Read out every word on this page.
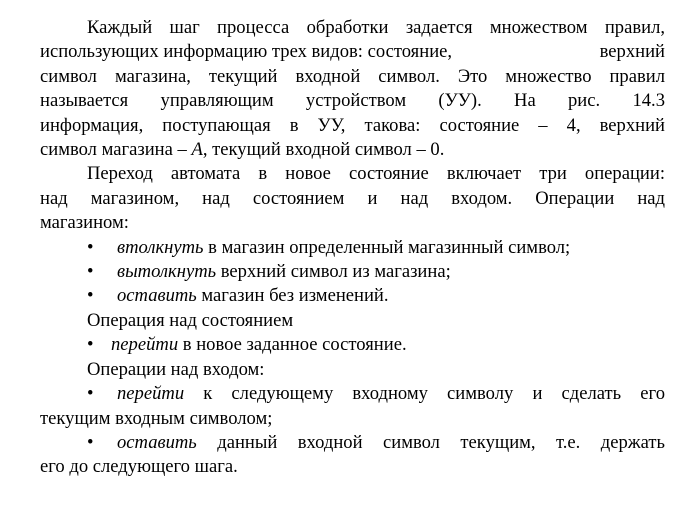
Каждый шаг процесса обработки задается множеством правил,
использующих информацию трех видов: состояние,	верхний
символ магазина, текущий входной символ. Это множество правил
называется управляющим устройством (УУ). На рис. 14.3
информация, поступающая в УУ, такова: состояние – 4, верхний
символ магазина – A, текущий входной символ – 0.
Переход автомата в новое состояние включает три операции:
над магазином, над состоянием и над входом. Операции над
магазином:
• втолкнуть в магазин определенный магазинный символ;
• вытолкнуть верхний символ из магазина;
• оставить магазин без изменений.
Операция над состоянием
• перейти в новое заданное состояние.
Операции над входом:
• перейти к следующему входному символу и сделать его
текущим входным символом;
• оставить данный входной символ текущим, т.е. держать
его до следующего шага.
